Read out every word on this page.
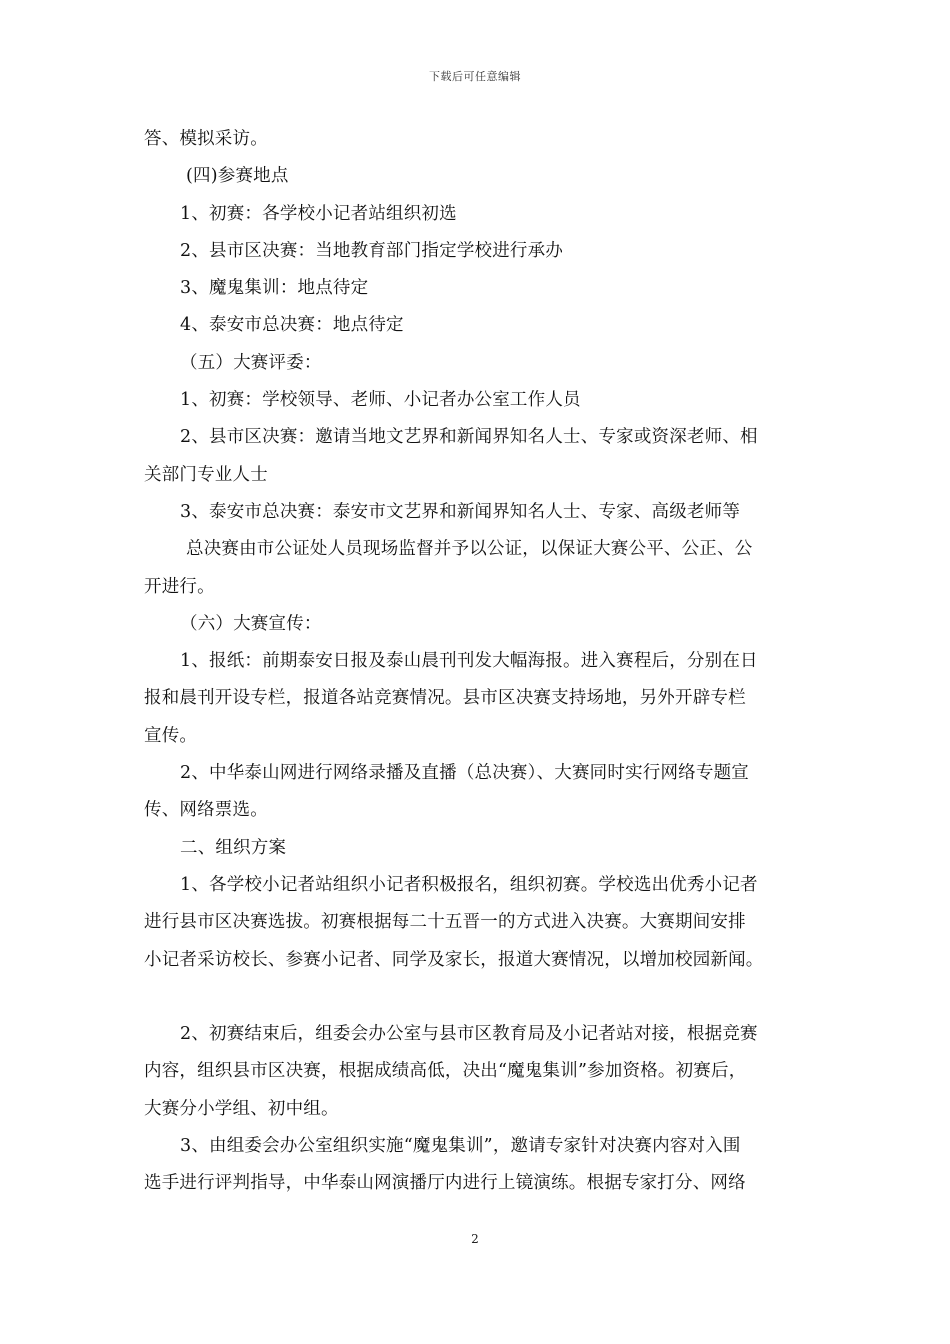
下载后可任意编辑
答、模拟采访。
(四)参赛地点
1、初赛：各学校小记者站组织初选
2、县市区决赛：当地教育部门指定学校进行承办
3、魔鬼集训：地点待定
4、泰安市总决赛：地点待定
（五）大赛评委：
1、初赛：学校领导、老师、小记者办公室工作人员
2、县市区决赛：邀请当地文艺界和新闻界知名人士、专家或资深老师、相
关部门专业人士
3、泰安市总决赛：泰安市文艺界和新闻界知名人士、专家、高级老师等
总决赛由市公证处人员现场监督并予以公证，以保证大赛公平、公正、公
开进行。
（六）大赛宣传：
1、报纸：前期泰安日报及泰山晨刊刊发大幅海报。进入赛程后，分别在日
报和晨刊开设专栏，报道各站竞赛情况。县市区决赛支持场地，另外开辟专栏
宣传。
2、中华泰山网进行网络录播及直播（总决赛）、大赛同时实行网络专题宣
传、网络票选。
二、组织方案
1、各学校小记者站组织小记者积极报名，组织初赛。学校选出优秀小记者
进行县市区决赛选拔。初赛根据每二十五晋一的方式进入决赛。大赛期间安排
小记者采访校长、参赛小记者、同学及家长，报道大赛情况，以增加校园新闻。
2、初赛结束后，组委会办公室与县市区教育局及小记者站对接，根据竞赛
内容，组织县市区决赛，根据成绩高低，决出“魔鬼集训”参加资格。初赛后，
大赛分小学组、初中组。
3、由组委会办公室组织实施“魔鬼集训”，邀请专家针对决赛内容对入围
选手进行评判指导，中华泰山网演播厅内进行上镜演练。根据专家打分、网络
2
